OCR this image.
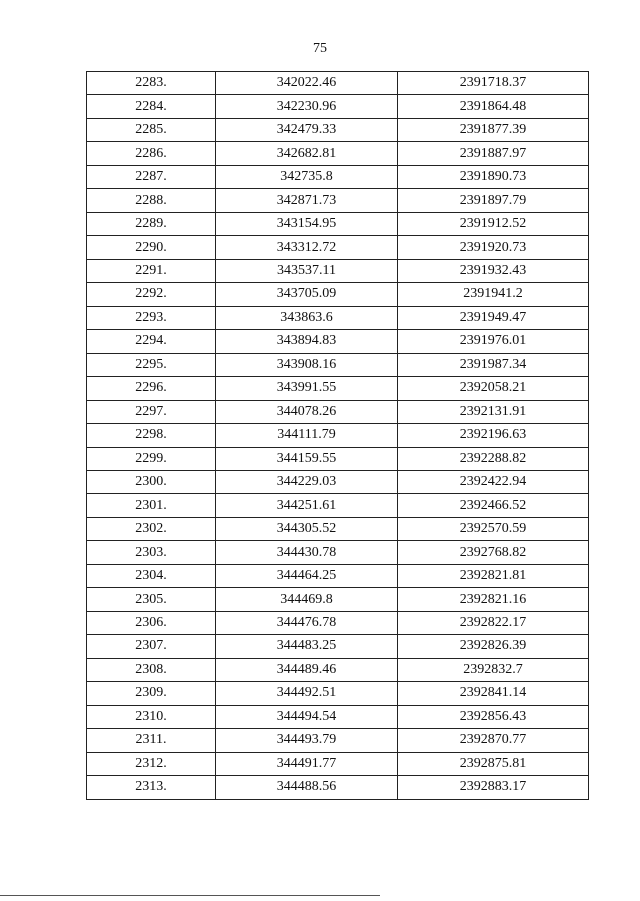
75
2283.	342022.46	2391718.37
2284.	342230.96	2391864.48
2285.	342479.33	2391877.39
2286.	342682.81	2391887.97
2287.	342735.8	2391890.73
2288.	342871.73	2391897.79
2289.	343154.95	2391912.52
2290.	343312.72	2391920.73
2291.	343537.11	2391932.43
2292.	343705.09	2391941.2
2293.	343863.6	2391949.47
2294.	343894.83	2391976.01
2295.	343908.16	2391987.34
2296.	343991.55	2392058.21
2297.	344078.26	2392131.91
2298.	344111.79	2392196.63
2299.	344159.55	2392288.82
2300.	344229.03	2392422.94
2301.	344251.61	2392466.52
2302.	344305.52	2392570.59
2303.	344430.78	2392768.82
2304.	344464.25	2392821.81
2305.	344469.8	2392821.16
2306.	344476.78	2392822.17
2307.	344483.25	2392826.39
2308.	344489.46	2392832.7
2309.	344492.51	2392841.14
2310.	344494.54	2392856.43
2311.	344493.79	2392870.77
2312.	344491.77	2392875.81
2313.	344488.56	2392883.17
